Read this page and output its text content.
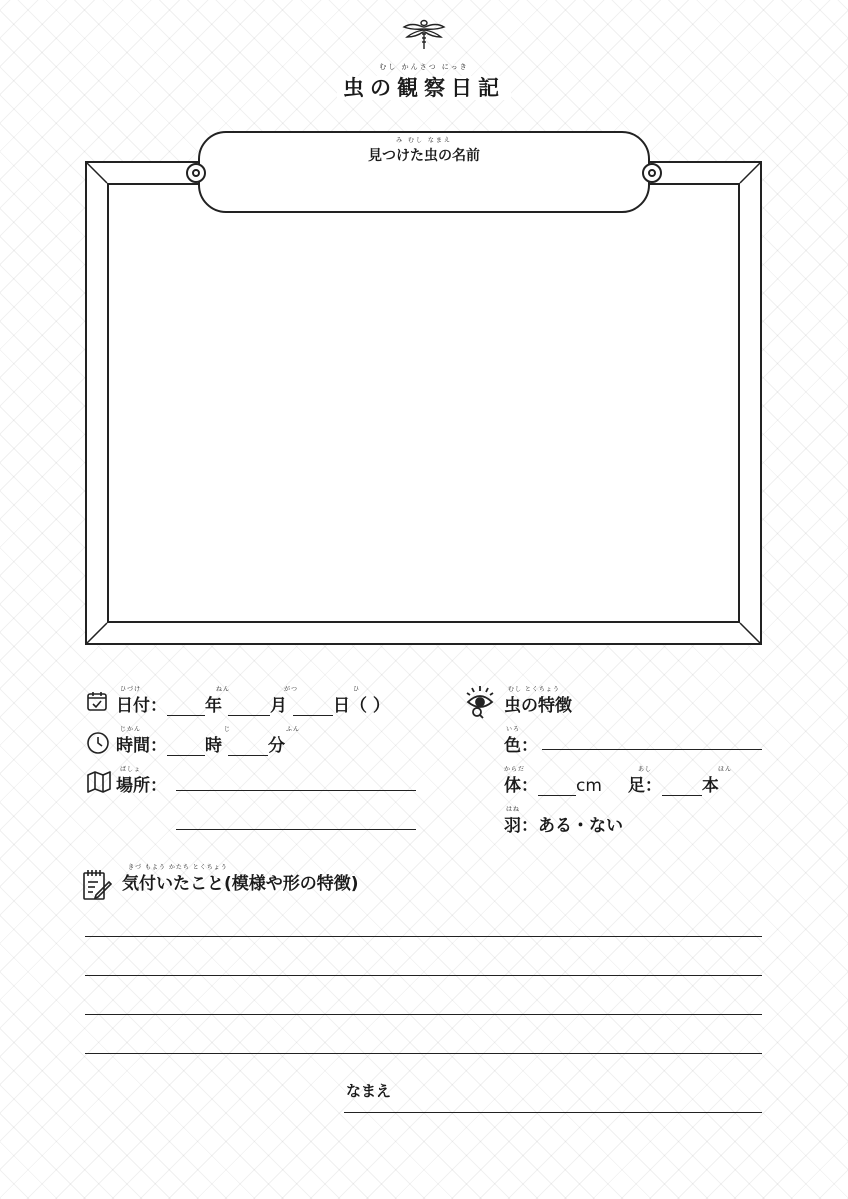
むし かんさつ にっき
虫の観察日記
み むし なまえ
見つけた虫の名前
ひづけ	ねん	がつ	ひ
日付： 年	月	日（ ）
じかん	じ	ふん
時間： 時	分
ばしょ
場所：
むし とくちょう
虫の特徴
いろ
色：
からだ	あし	ほん
体： cm 足： 本
はね
羽：ある・ない
きづ もよう かたち とくちょう
気付いたこと(模様や形の特徴)
なまえ
